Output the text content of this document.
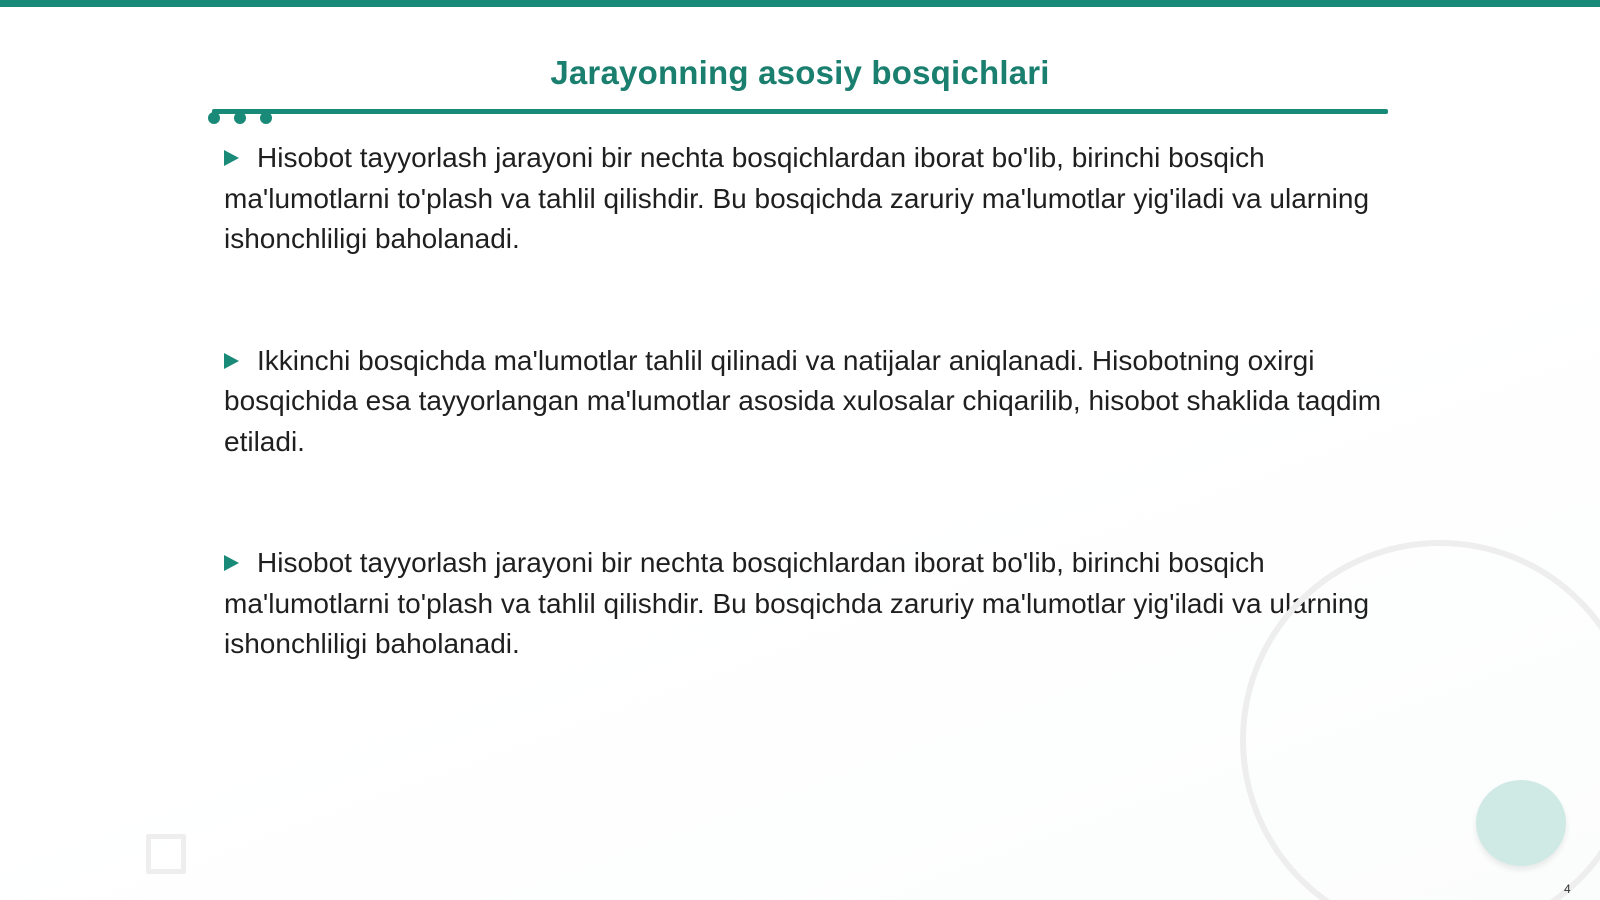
Jarayonning asosiy bosqichlari

Hisobot tayyorlash jarayoni bir nechta bosqichlardan iborat bo'lib, birinchi bosqich ma'lumotlarni to'plash va tahlil qilishdir. Bu bosqichda zaruriy ma'lumotlar yig'iladi va ularning ishonchliligi baholanadi.

Ikkinchi bosqichda ma'lumotlar tahlil qilinadi va natijalar aniqlanadi. Hisobotning oxirgi bosqichida esa tayyorlangan ma'lumotlar asosida xulosalar chiqarilib, hisobot shaklida taqdim etiladi.

Hisobot tayyorlash jarayoni bir nechta bosqichlardan iborat bo'lib, birinchi bosqich ma'lumotlarni to'plash va tahlil qilishdir. Bu bosqichda zaruriy ma'lumotlar yig'iladi va ularning ishonchliligi baholanadi.

4
